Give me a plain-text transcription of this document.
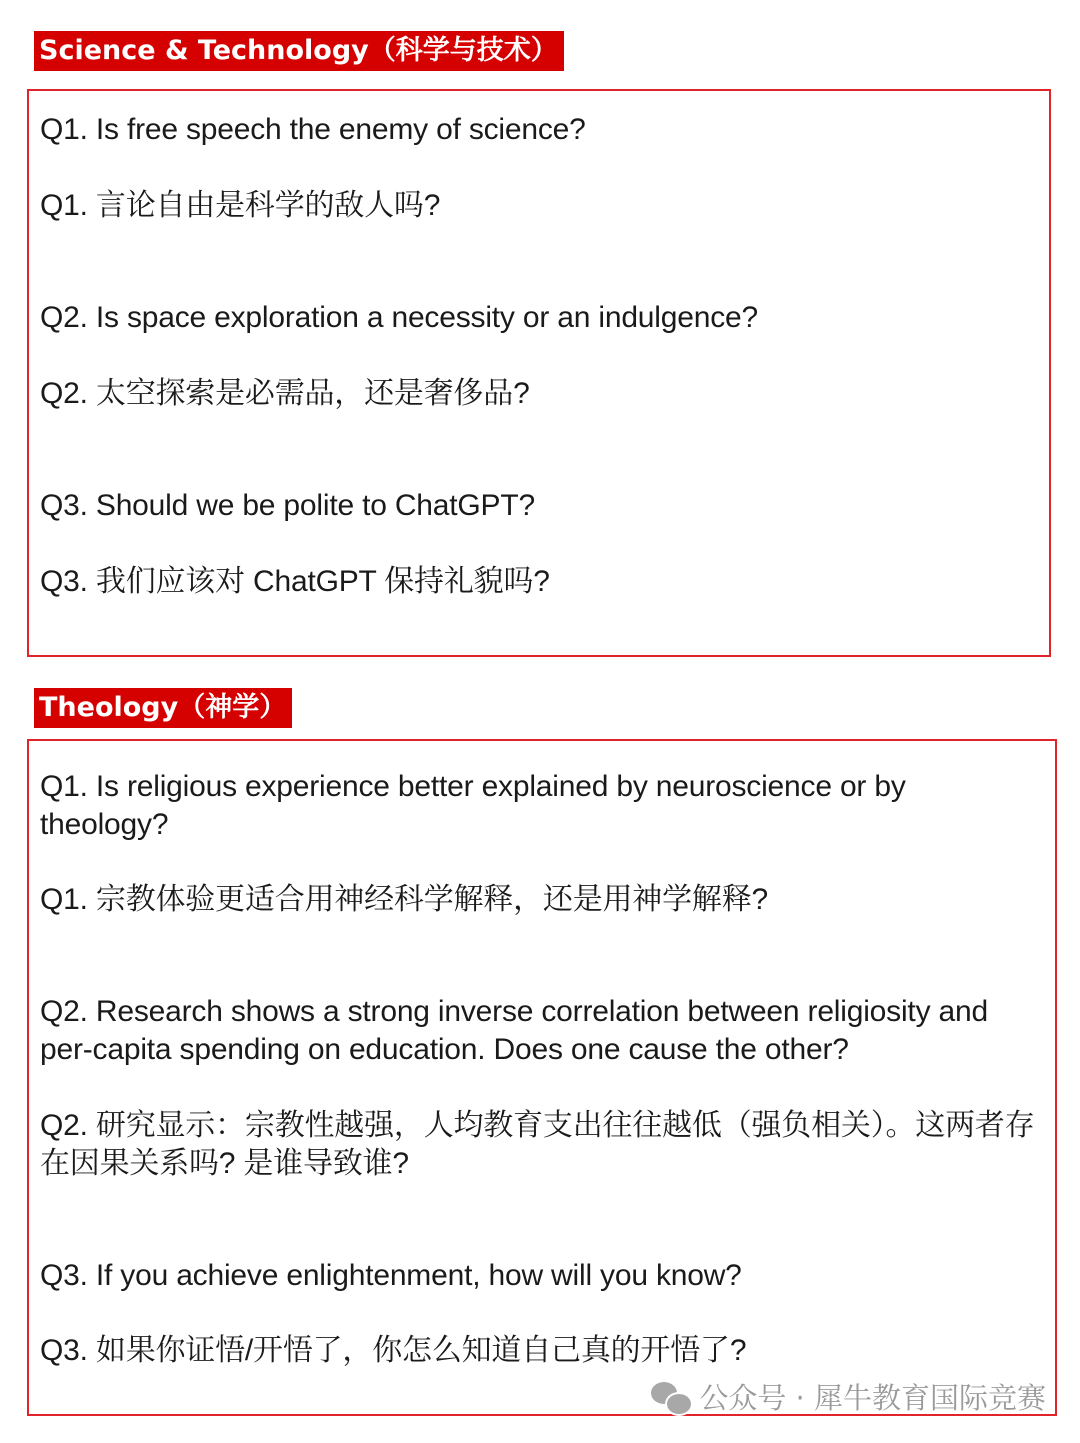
Science & Technology（科学与技术）
Q1. Is free speech the enemy of science?
Q1. 言论自由是科学的敌人吗?
Q2. Is space exploration a necessity or an indulgence?
Q2. 太空探索是必需品，还是奢侈品?
Q3. Should we be polite to ChatGPT?
Q3. 我们应该对 ChatGPT 保持礼貌吗?
Theology（神学）
Q1. Is religious experience better explained by neuroscience or by theology?
Q1. 宗教体验更适合用神经科学解释，还是用神学解释?
Q2. Research shows a strong inverse correlation between religiosity and per-capita spending on education. Does one cause the other?
Q2. 研究显示：宗教性越强，人均教育支出往往越低（强负相关）。这两者存在因果关系吗? 是谁导致谁?
Q3. If you achieve enlightenment, how will you know?
Q3. 如果你证悟/开悟了，你怎么知道自己真的开悟了?
公众号 · 犀牛教育国际竞赛
